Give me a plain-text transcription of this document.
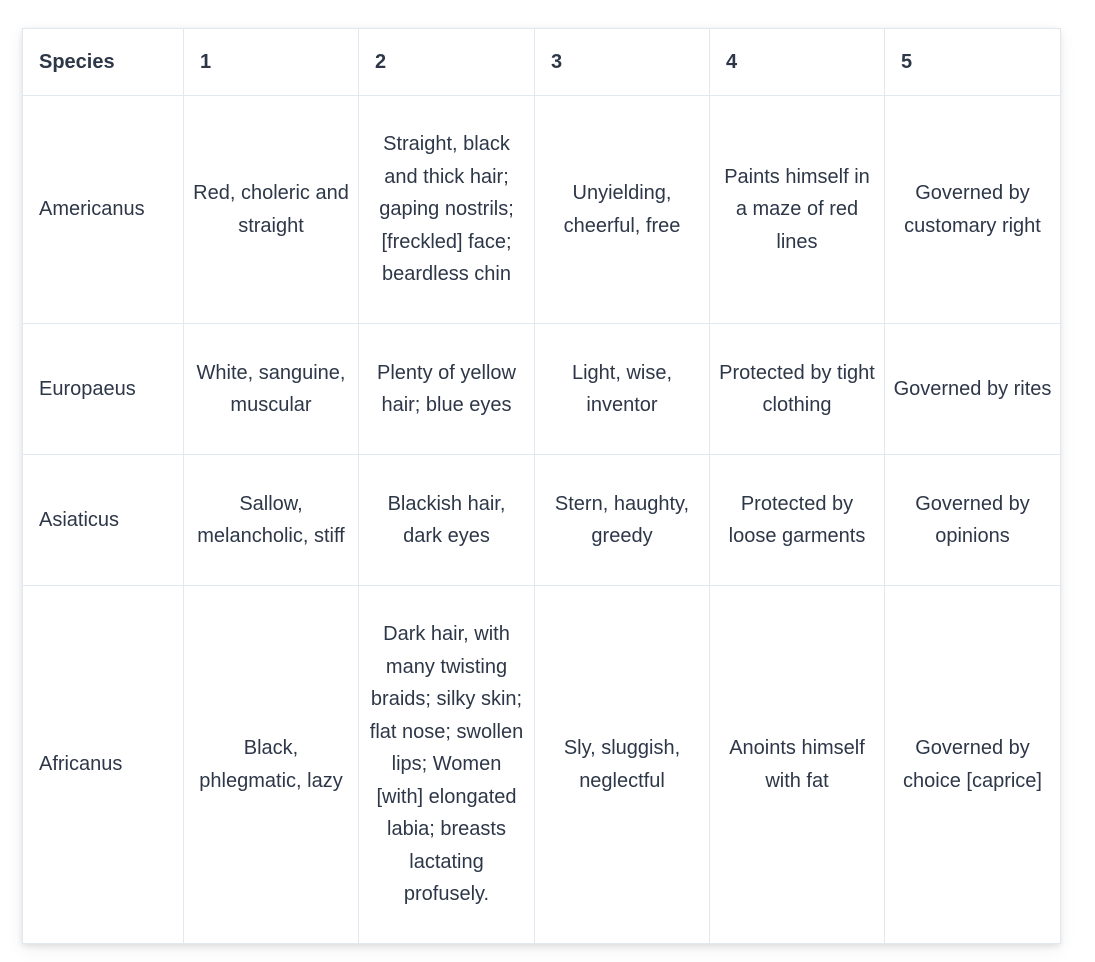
Species	1	2	3	4	5
Americanus	Red, choleric and straight	Straight, black and thick hair; gaping nostrils; [freckled] face; beardless chin	Unyielding, cheerful, free	Paints himself in a maze of red lines	Governed by customary right
Europaeus	White, sanguine, muscular	Plenty of yellow hair; blue eyes	Light, wise, inventor	Protected by tight clothing	Governed by rites
Asiaticus	Sallow, melancholic, stiff	Blackish hair, dark eyes	Stern, haughty, greedy	Protected by loose garments	Governed by opinions
Africanus	Black, phlegmatic, lazy	Dark hair, with many twisting braids; silky skin; flat nose; swollen lips; Women [with] elongated labia; breasts lactating profusely.	Sly, sluggish, neglectful	Anoints himself with fat	Governed by choice [caprice]
